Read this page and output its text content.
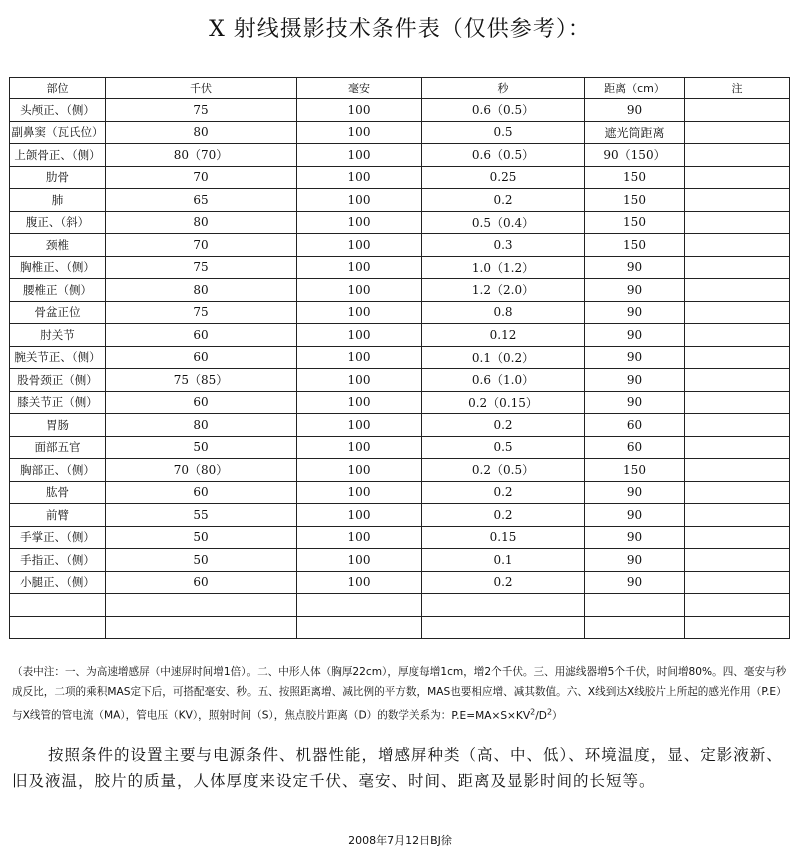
X 射线摄影技术条件表（仅供参考）：
部位	千伏	毫安	秒	距离（cm）	注
头颅正、（侧）	75	100	0.6（0.5）	90	
副鼻窦（瓦氏位）	80	100	0.5	遮光筒距离	
上颌骨正、（侧）	80（70）	100	0.6（0.5）	90（150）	
肋骨	70	100	0.25	150	
肺	65	100	0.2	150	
腹正、（斜）	80	100	0.5（0.4）	150	
颈椎	70	100	0.3	150	
胸椎正、（侧）	75	100	1.0（1.2）	90	
腰椎正（侧）	80	100	1.2（2.0）	90	
骨盆正位	75	100	0.8	90	
肘关节	60	100	0.12	90	
腕关节正、（侧）	60	100	0.1（0.2）	90	
股骨颈正（侧）	75（85）	100	0.6（1.0）	90	
膝关节正（侧）	60	100	0.2（0.15）	90	
胃肠	80	100	0.2	60	
面部五官	50	100	0.5	60	
胸部正、（侧）	70（80）	100	0.2（0.5）	150	
肱骨	60	100	0.2	90	
前臂	55	100	0.2	90	
手掌正、（侧）	50	100	0.15	90	
手指正、（侧）	50	100	0.1	90	
小腿正、（侧）	60	100	0.2	90	

（表中注：一、为高速增感屏（中速屏时间增1倍）。二、中形人体（胸厚22cm），厚度每增1cm，增2个千伏。三、用滤线器增5个千伏，时间增80%。四、毫安与秒成反比，二项的乘积MAS定下后，可搭配毫安、秒。五、按照距离增、减比例的平方数，MAS也要相应增、减其数值。六、X线到达X线胶片上所起的感光作用（P.E）与X线管的管电流（MA），管电压（KV），照射时间（S），焦点胶片距离（D）的数学关系为：$P.E=MA\times S\times KV^2/D^2$）
按照条件的设置主要与电源条件、机器性能，增感屏种类（高、中、低）、环境温度，显、定影液新、旧及液温，胶片的质量，人体厚度来设定千伏、毫安、时间、距离及显影时间的长短等。
2008年7月12日BJ徐
